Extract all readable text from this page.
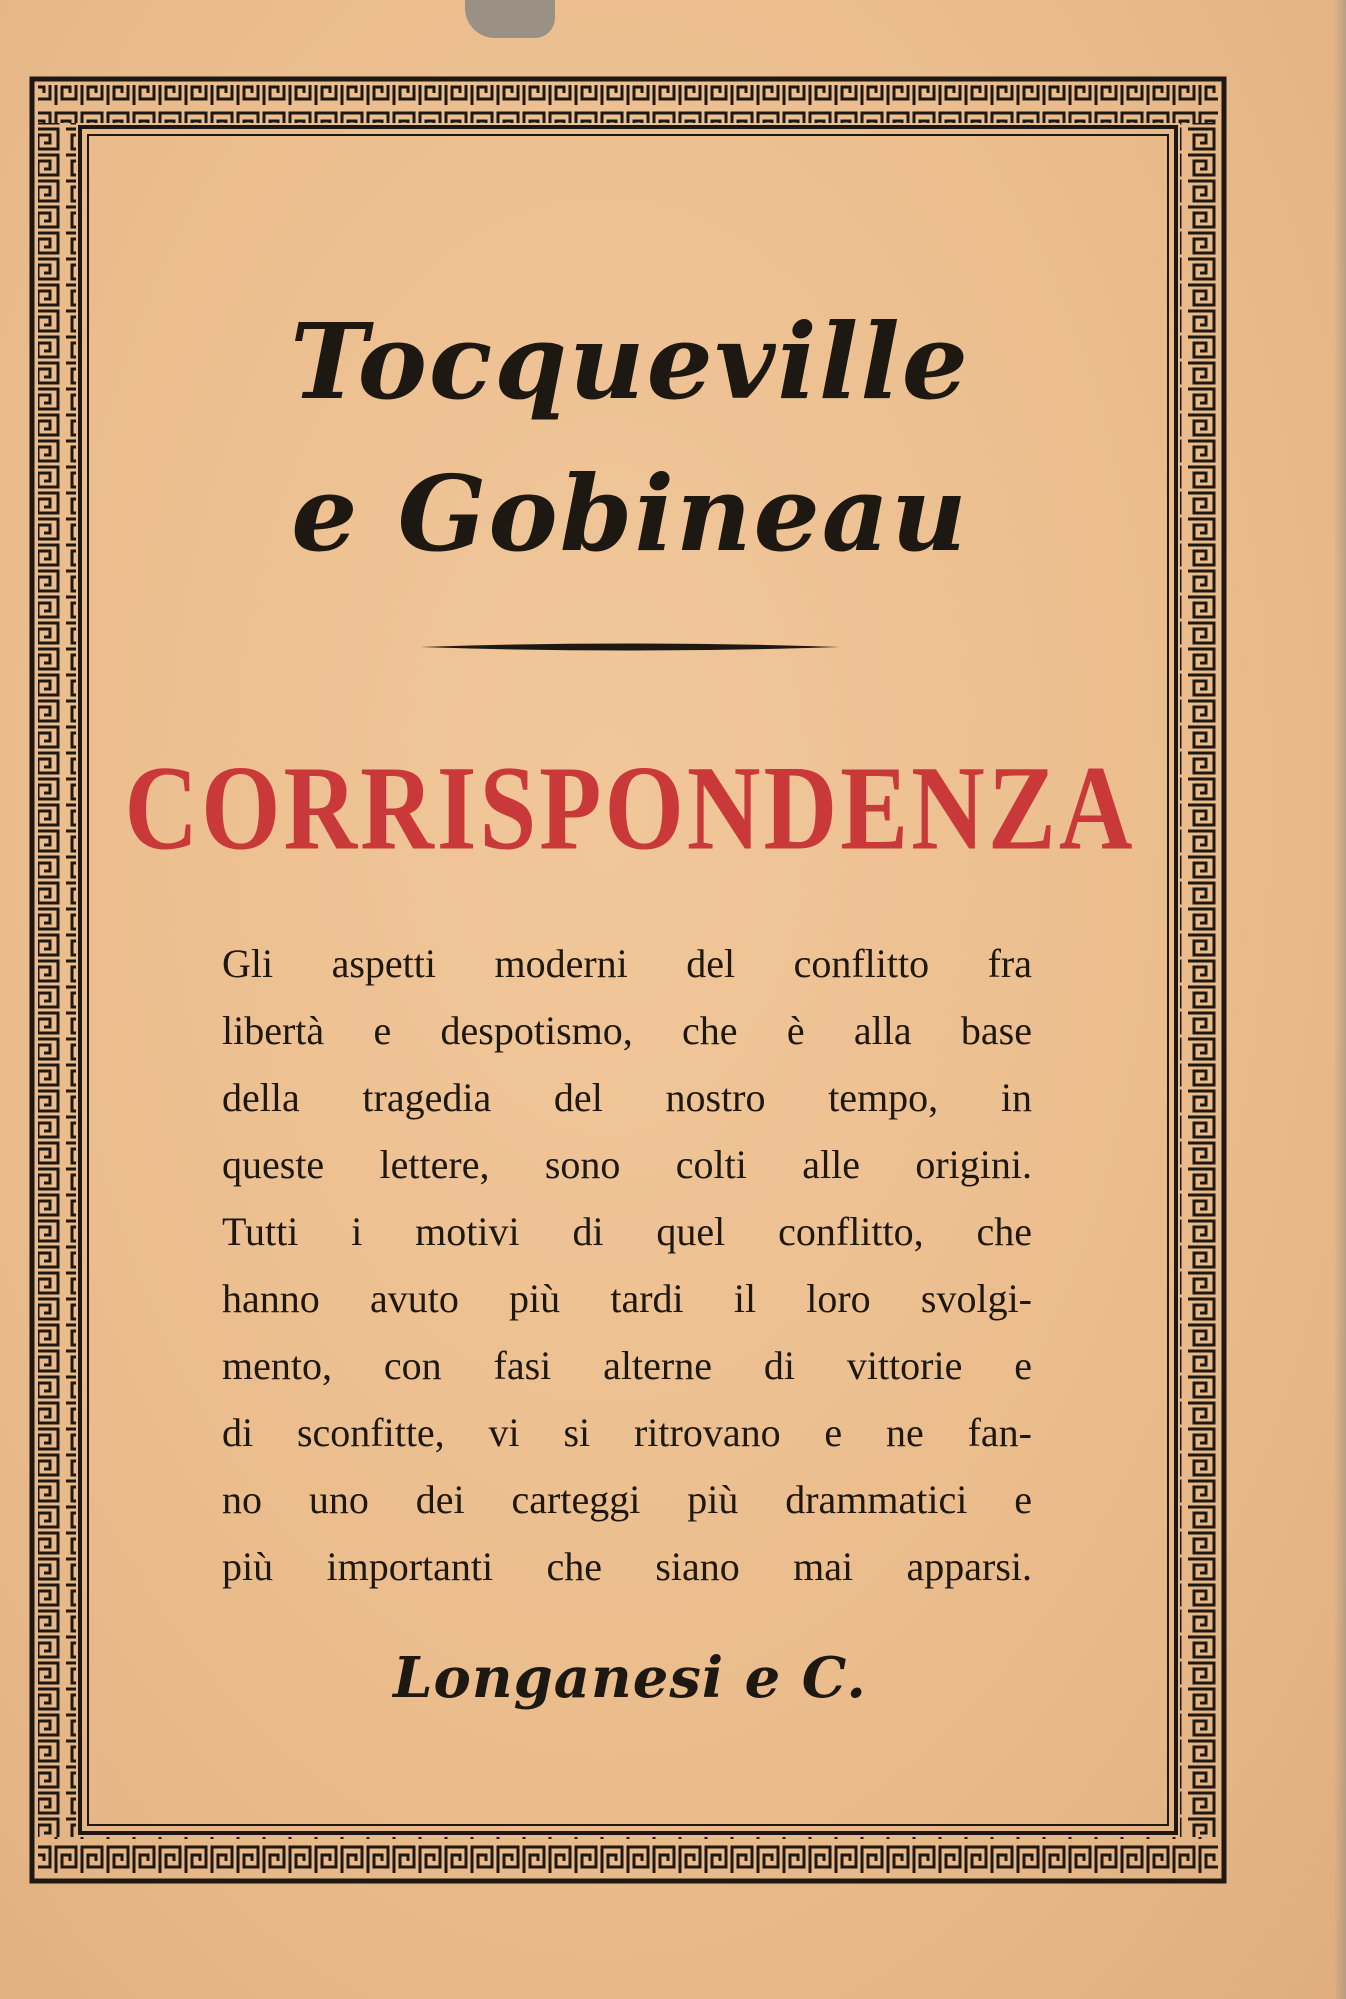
Tocqueville
e Gobineau
CORRISPONDENZA

Gli aspetti moderni del conflitto fra
libertà e despotismo, che è alla base
della tragedia del nostro tempo, in
queste lettere, sono colti alle origini.
Tutti i motivi di quel conflitto, che
hanno avuto più tardi il loro svolgi-
mento, con fasi alterne di vittorie e
di sconfitte, vi si ritrovano e ne fan-
no uno dei carteggi più drammatici e
più importanti che siano mai apparsi.

Longanesi e C.
